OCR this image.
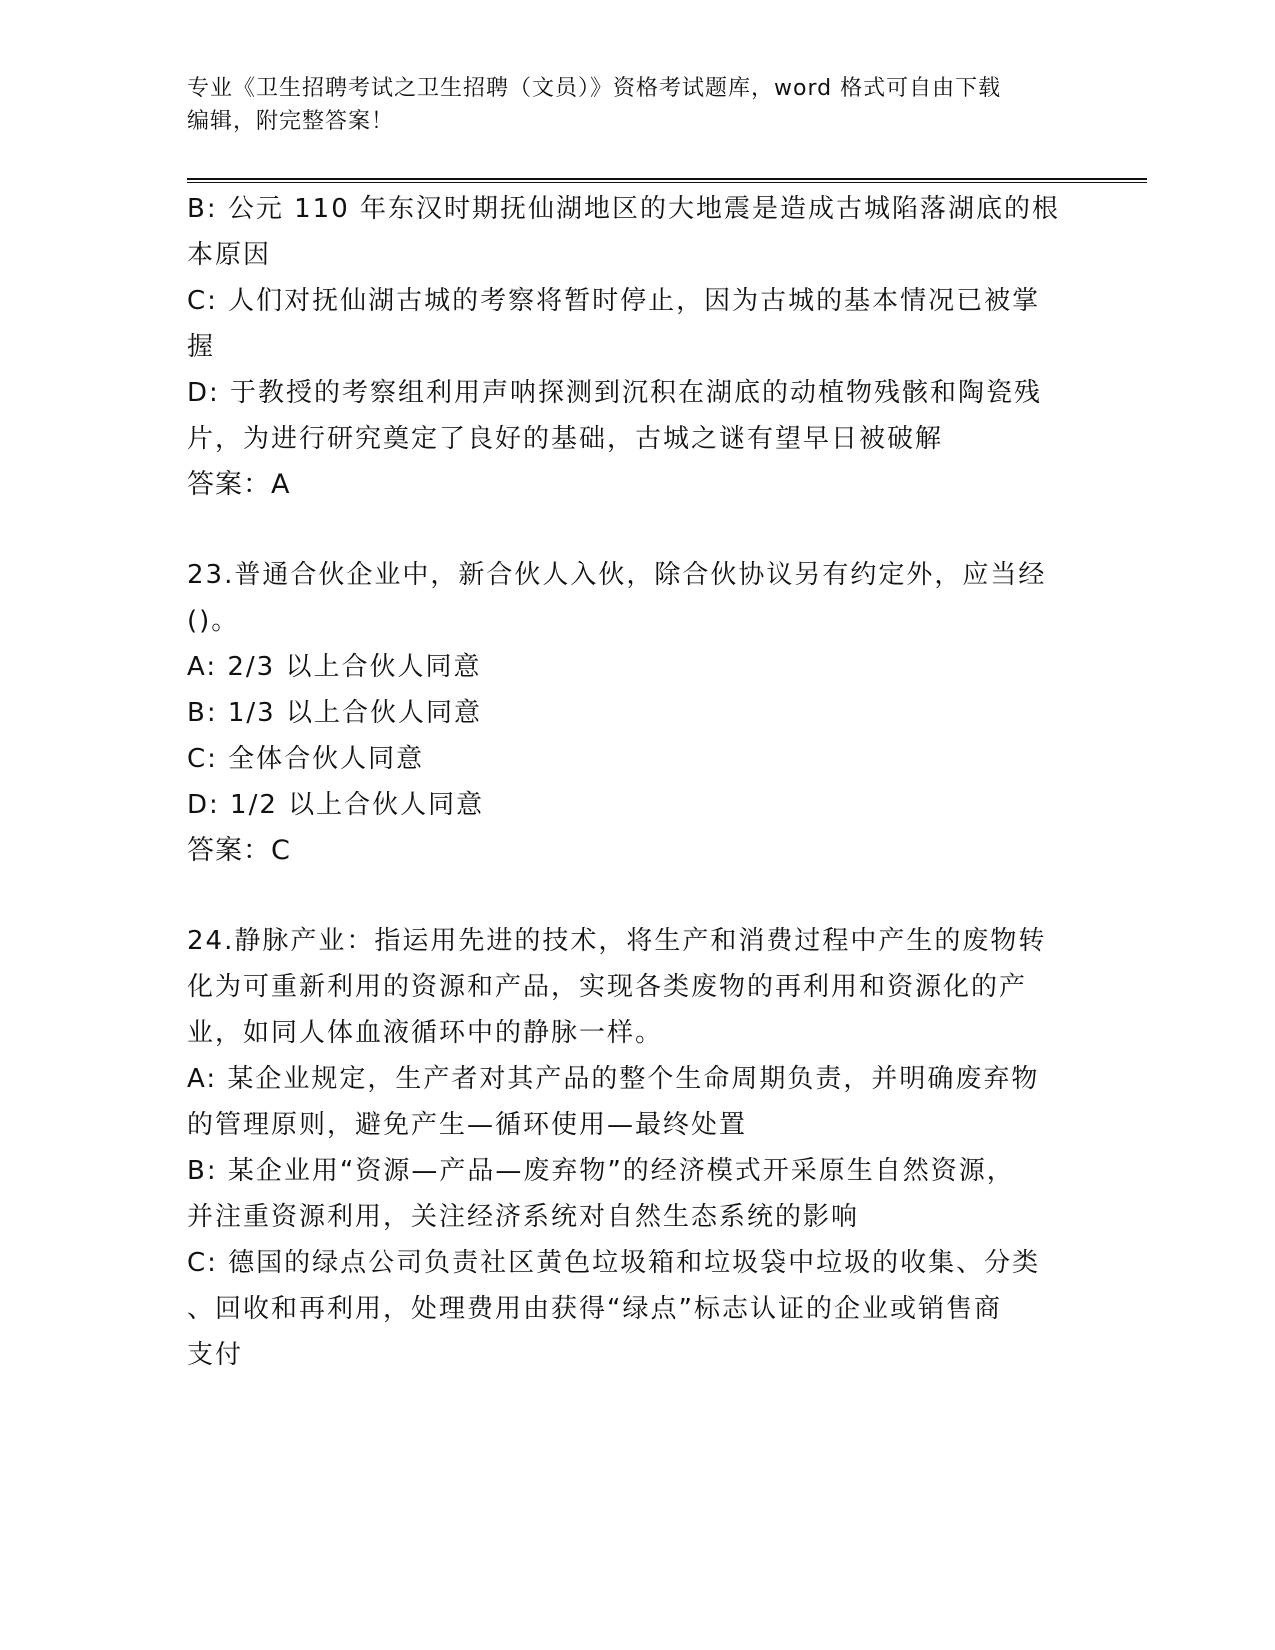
专业《卫生招聘考试之卫生招聘（文员）》资格考试题库，word 格式可自由下载
编辑，附完整答案！
B: 公元 110 年东汉时期抚仙湖地区的大地震是造成古城陷落湖底的根
本原因
C: 人们对抚仙湖古城的考察将暂时停止，因为古城的基本情况已被掌
握
D: 于教授的考察组利用声呐探测到沉积在湖底的动植物残骸和陶瓷残
片，为进行研究奠定了良好的基础，古城之谜有望早日被破解
答案：A
23.普通合伙企业中，新合伙人入伙，除合伙协议另有约定外，应当经
()。
A: 2/3 以上合伙人同意
B: 1/3 以上合伙人同意
C: 全体合伙人同意
D: 1/2 以上合伙人同意
答案：C
24.静脉产业：指运用先进的技术，将生产和消费过程中产生的废物转
化为可重新利用的资源和产品，实现各类废物的再利用和资源化的产
业，如同人体血液循环中的静脉一样。
A: 某企业规定，生产者对其产品的整个生命周期负责，并明确废弃物
的管理原则，避免产生—循环使用—最终处置
B: 某企业用“资源—产品—废弃物”的经济模式开采原生自然资源，
并注重资源利用，关注经济系统对自然生态系统的影响
C: 德国的绿点公司负责社区黄色垃圾箱和垃圾袋中垃圾的收集、分类
、回收和再利用，处理费用由获得“绿点”标志认证的企业或销售商
支付
